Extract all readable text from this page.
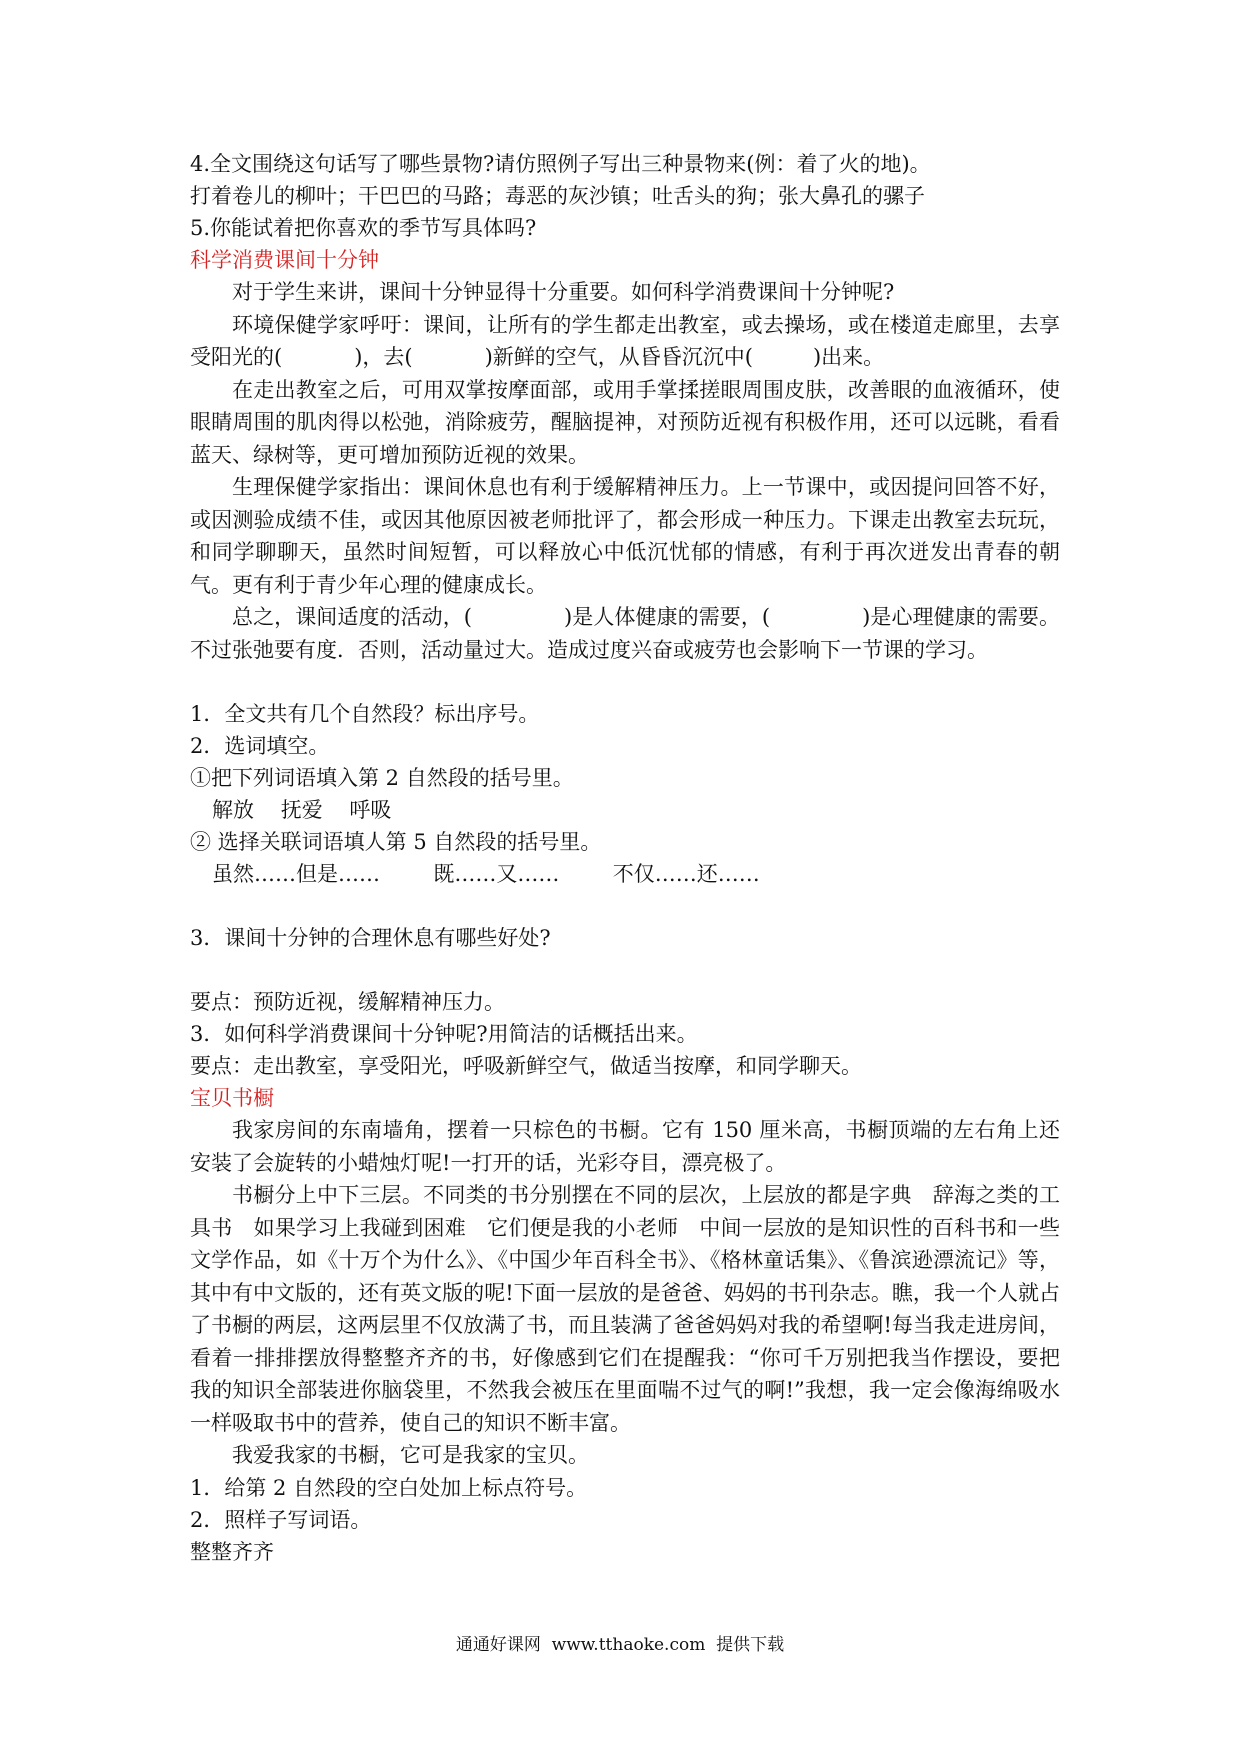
4.全文围绕这句话写了哪些景物?请仿照例子写出三种景物来(例：着了火的地)。

打着卷儿的柳叶；干巴巴的马路；毒恶的灰沙镇；吐舌头的狗；张大鼻孔的骡子

5.你能试着把你喜欢的季节写具体吗?

科学消费课间十分钟

对于学生来讲，课间十分钟显得十分重要。如何科学消费课间十分钟呢?

环境保健学家呼吁：课间，让所有的学生都走出教室，或去操场，或在楼道走廊里，去享受阳光的(	)，去(	)新鲜的空气，从昏昏沉沉中(	)出来。

在走出教室之后，可用双掌按摩面部，或用手掌揉搓眼周围皮肤，改善眼的血液循环，使眼睛周围的肌肉得以松弛，消除疲劳，醒脑提神，对预防近视有积极作用，还可以远眺，看看蓝天、绿树等，更可增加预防近视的效果。

生理保健学家指出：课间休息也有利于缓解精神压力。上一节课中，或因提问回答不好，或因测验成绩不佳，或因其他原因被老师批评了，都会形成一种压力。下课走出教室去玩玩，和同学聊聊天，虽然时间短暂，可以释放心中低沉忧郁的情感，有利于再次迸发出青春的朝气。更有利于青少年心理的健康成长。

总之，课间适度的活动，(	)是人体健康的需要，(	)是心理健康的需要。不过张弛要有度．否则，活动量过大。造成过度兴奋或疲劳也会影响下一节课的学习。

1．全文共有几个自然段？标出序号。

2．选词填空。

①把下列词语填入第 2 自然段的括号里。

解放    抚爱    呼吸

② 选择关联词语填人第 5 自然段的括号里。

虽然……但是……        既……又……        不仅……还……

3．课间十分钟的合理休息有哪些好处?

要点：预防近视，缓解精神压力。

3．如何科学消费课间十分钟呢?用简洁的话概括出来。

要点：走出教室，享受阳光，呼吸新鲜空气，做适当按摩，和同学聊天。

宝贝书橱

我家房间的东南墙角，摆着一只棕色的书橱。它有 150 厘米高，书橱顶端的左右角上还安装了会旋转的小蜡烛灯呢!一打开的话，光彩夺目，漂亮极了。

书橱分上中下三层。不同类的书分别摆在不同的层次，上层放的都是字典　辞海之类的工具书　如果学习上我碰到困难　它们便是我的小老师　中间一层放的是知识性的百科书和一些文学作品，如《十万个为什么》、《中国少年百科全书》、《格林童话集》、《鲁滨逊漂流记》等，其中有中文版的，还有英文版的呢!下面一层放的是爸爸、妈妈的书刊杂志。瞧，我一个人就占了书橱的两层，这两层里不仅放满了书，而且装满了爸爸妈妈对我的希望啊!每当我走进房间，看着一排排摆放得整整齐齐的书，好像感到它们在提醒我：“你可千万别把我当作摆设，要把我的知识全部装进你脑袋里，不然我会被压在里面喘不过气的啊!”我想，我一定会像海绵吸水一样吸取书中的营养，使自己的知识不断丰富。

我爱我家的书橱，它可是我家的宝贝。

1．给第 2 自然段的空白处加上标点符号。

2．照样子写词语。

整整齐齐

通通好课网  www.tthaoke.com  提供下载
